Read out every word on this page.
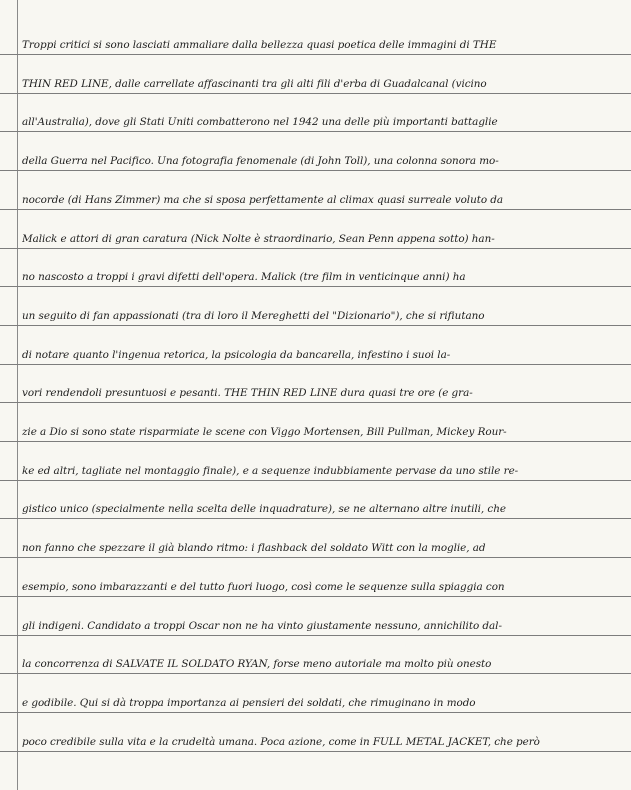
Troppi critici si sono lasciati ammaliare dalla bellezza quasi poetica delle immagini di THE
THIN RED LINE, dalle carrellate affascinanti tra gli alti fili d'erba di Guadalcanal (vicino
all'Australia), dove gli Stati Uniti combatterono nel 1942 una delle più importanti battaglie
della Guerra nel Pacifico. Una fotografia fenomenale (di John Toll), una colonna sonora mo-
nocorde (di Hans Zimmer) ma che si sposa perfettamente al climax quasi surreale voluto da
Malick e attori di gran caratura (Nick Nolte è straordinario, Sean Penn appena sotto) han-
no nascosto a troppi i gravi difetti dell'opera. Malick (tre film in venticinque anni) ha
un seguito di fan appassionati (tra di loro il Mereghetti del "Dizionario"), che si rifiutano
di notare quanto l'ingenua retorica, la psicologia da bancarella, infestino i suoi la-
vori rendendoli presuntuosi e pesanti. THE THIN RED LINE dura quasi tre ore (e gra-
zie a Dio si sono state risparmiate le scene con Viggo Mortensen, Bill Pullman, Mickey Rour-
ke ed altri, tagliate nel montaggio finale), e a sequenze indubbiamente pervase da uno stile re-
gistico unico (specialmente nella scelta delle inquadrature), se ne alternano altre inutili, che
non fanno che spezzare il già blando ritmo: i flashback del soldato Witt con la moglie, ad
esempio, sono imbarazzanti e del tutto fuori luogo, così come le sequenze sulla spiaggia con
gli indigeni. Candidato a troppi Oscar non ne ha vinto giustamente nessuno, annichilito dal-
la concorrenza di SALVATE IL SOLDATO RYAN, forse meno autoriale ma molto più onesto
e godibile. Qui si dà troppa importanza ai pensieri dei soldati, che rimuginano in modo
poco credibile sulla vita e la crudeltà umana. Poca azione, come in FULL METAL JACKET, che però
